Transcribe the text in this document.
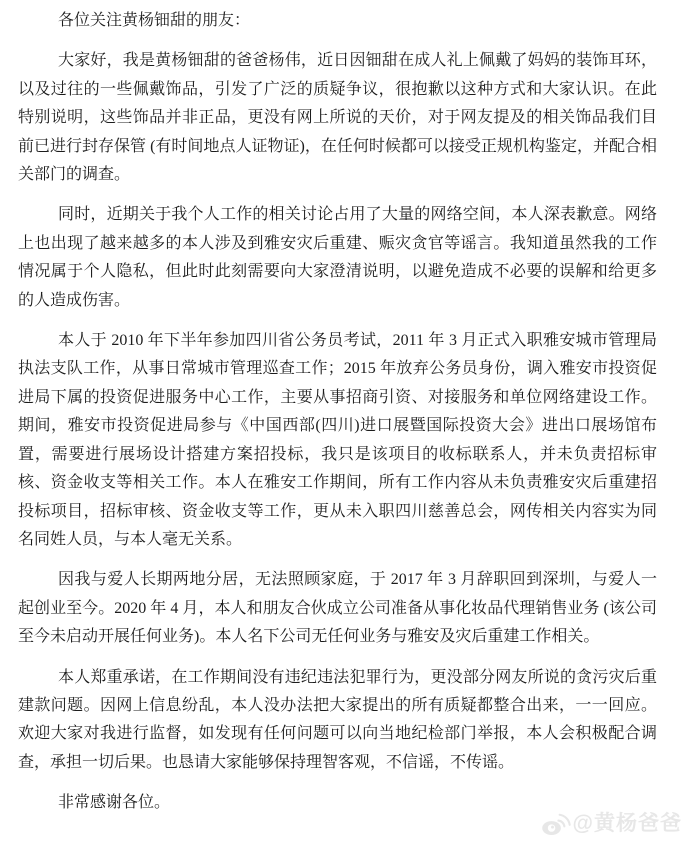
各位关注黄杨钿甜的朋友：

大家好，我是黄杨钿甜的爸爸杨伟，近日因钿甜在成人礼上佩戴了妈妈的装饰耳环，以及过往的一些佩戴饰品，引发了广泛的质疑争议，很抱歉以这种方式和大家认识。在此特别说明，这些饰品并非正品，更没有网上所说的天价，对于网友提及的相关饰品我们目前已进行封存保管 (有时间地点人证物证)，在任何时候都可以接受正规机构鉴定，并配合相关部门的调查。

同时，近期关于我个人工作的相关讨论占用了大量的网络空间，本人深表歉意。网络上也出现了越来越多的本人涉及到雅安灾后重建、赈灾贪官等谣言。我知道虽然我的工作情况属于个人隐私，但此时此刻需要向大家澄清说明，以避免造成不必要的误解和给更多的人造成伤害。

本人于 2010 年下半年参加四川省公务员考试，2011 年 3 月正式入职雅安城市管理局执法支队工作，从事日常城市管理巡查工作；2015 年放弃公务员身份，调入雅安市投资促进局下属的投资促进服务中心工作，主要从事招商引资、对接服务和单位网络建设工作。期间，雅安市投资促进局参与《中国西部(四川)进口展暨国际投资大会》进出口展场馆布置，需要进行展场设计搭建方案招投标，我只是该项目的收标联系人，并未负责招标审核、资金收支等相关工作。本人在雅安工作期间，所有工作内容从未负责雅安灾后重建招投标项目，招标审核、资金收支等工作，更从未入职四川慈善总会，网传相关内容实为同名同姓人员，与本人毫无关系。

因我与爱人长期两地分居，无法照顾家庭，于 2017 年 3 月辞职回到深圳，与爱人一起创业至今。2020 年 4 月，本人和朋友合伙成立公司准备从事化妆品代理销售业务 (该公司至今未启动开展任何业务)。本人名下公司无任何业务与雅安及灾后重建工作相关。

本人郑重承诺，在工作期间没有违纪违法犯罪行为，更没部分网友所说的贪污灾后重建款问题。因网上信息纷乱，本人没办法把大家提出的所有质疑都整合出来，一一回应。欢迎大家对我进行监督，如发现有任何问题可以向当地纪检部门举报，本人会积极配合调查，承担一切后果。也恳请大家能够保持理智客观，不信谣，不传谣。

非常感谢各位。

@黄杨爸爸
